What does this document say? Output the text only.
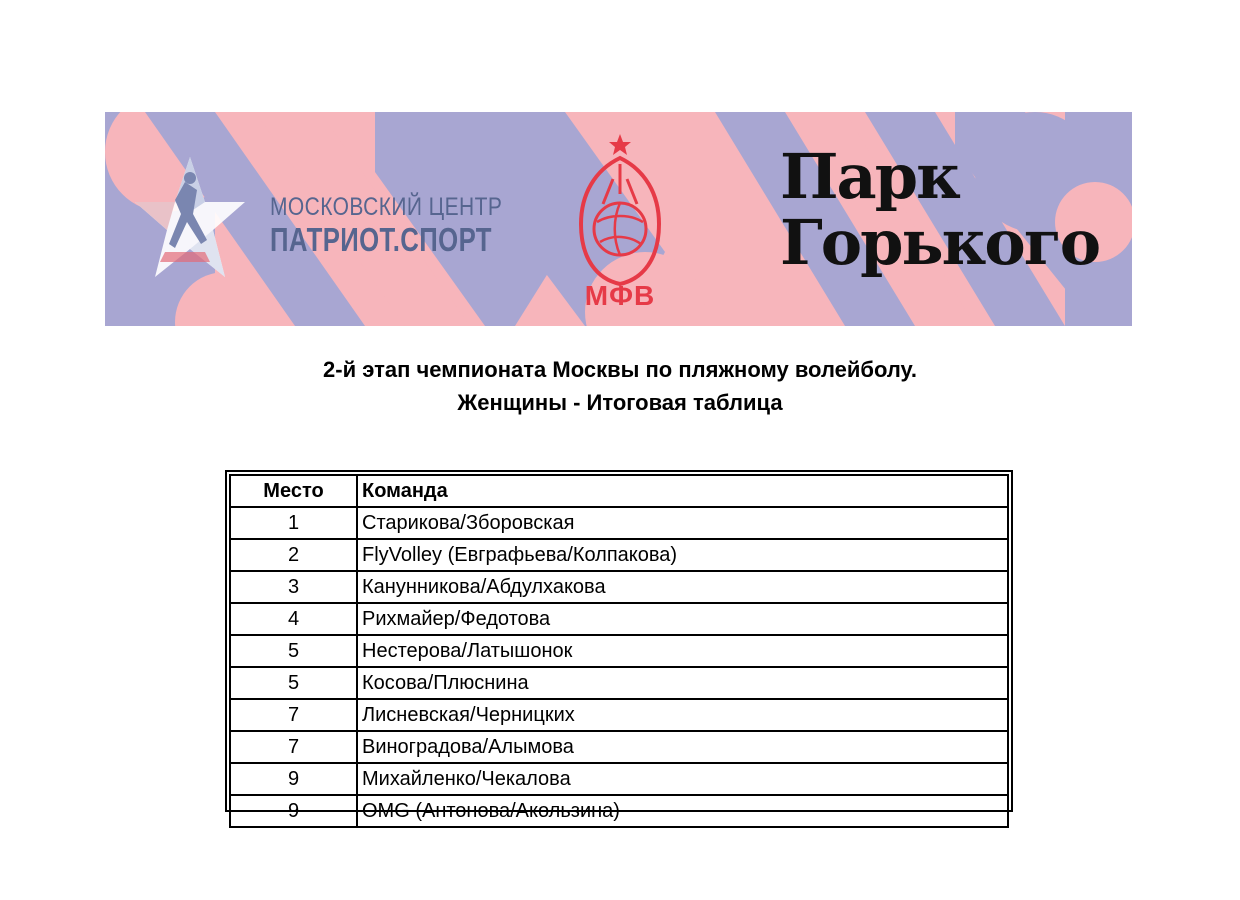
МОСКОВСКИЙ ЦЕНТР
ПАТРИОТ.СПОРТ
МФВ
Парк
Горького
2-й этап чемпионата Москвы по пляжному волейболу.
Женщины - Итоговая таблица
Место	Команда
1	Старикова/Зборовская
2	FlyVolley (Евграфьева/Колпакова)
3	Канунникова/Абдулхакова
4	Рихмайер/Федотова
5	Нестерова/Латышонок
5	Косова/Плюснина
7	Лисневская/Черницких
7	Виноградова/Алымова
9	Михайленко/Чекалова
9	OMG (Антонова/Акользина)
